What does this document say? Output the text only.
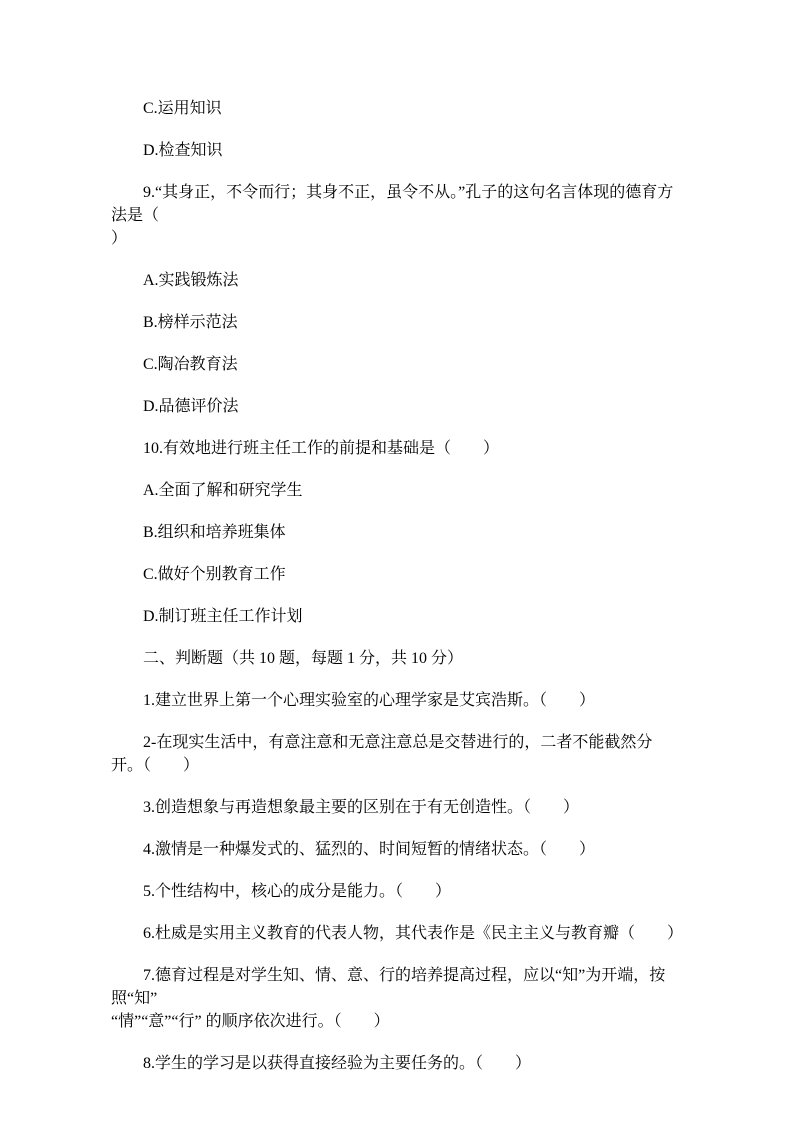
C.运用知识

D.检查知识

9.“其身正，不令而行；其身不正，虽令不从。”孔子的这句名言体现的德育方法是（
）

A.实践锻炼法

B.榜样示范法

C.陶冶教育法

D.品德评价法

10.有效地进行班主任工作的前提和基础是（　　）

A.全面了解和研究学生

B.组织和培养班集体

C.做好个别教育工作

D.制订班主任工作计划

二、判断题（共 10 题，每题 1 分，共 10 分）

1.建立世界上第一个心理实验室的心理学家是艾宾浩斯。（　　）

2-在现实生活中，有意注意和无意注意总是交替进行的，二者不能截然分开。（　　）

3.创造想象与再造想象最主要的区别在于有无创造性。（　　）

4.激情是一种爆发式的、猛烈的、时间短暂的情绪状态。（　　）

5.个性结构中，核心的成分是能力。（　　）

6.杜威是实用主义教育的代表人物，其代表作是《民主主义与教育瓣（　　）

7.德育过程是对学生知、情、意、行的培养提高过程，应以“知”为开端，按照“知”
“情”“意”“行” 的顺序依次进行。（　　）

8.学生的学习是以获得直接经验为主要任务的。（　　）
